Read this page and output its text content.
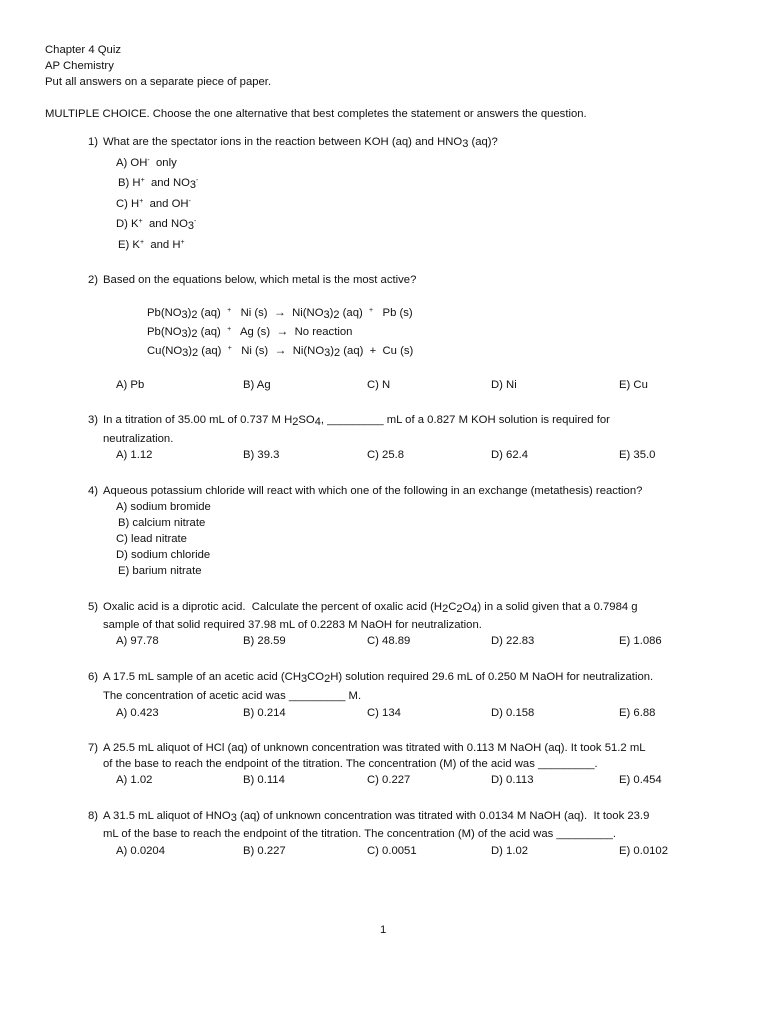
Chapter 4 Quiz
AP Chemistry
Put all answers on a separate piece of paper.
MULTIPLE CHOICE. Choose the one alternative that best completes the statement or answers the question.
1) What are the spectator ions in the reaction between KOH (aq) and $HNO_3$ (aq)?
A) OH-  only
B) H+  and $NO_3^-$
C) H+  and OH-
D) K+  and $NO_3^-$
E) K+  and H+
2) Based on the equations below, which metal is the most active?
$Pb(NO_3)_2$ (aq)  +   Ni $(s) \to Ni(NO_3)_2$ (aq)  +   Pb (s)
$Pb(NO_3)_2$ (aq)  +   Ag (s)  →  No reaction
$Cu(NO_3)_2$ (aq)  +   Ni $(s) \to Ni(NO_3)_2$ (aq)  +  Cu (s)
A) Pb	B) Ag	C) N	D) Ni	E) Cu
3) In a titration of 35.00 mL of 0.737 M $H_2SO_4$, _________ mL of a 0.827 M KOH solution is required for
neutralization.
A) 1.12	B) 39.3	C) 25.8	D) 62.4	E) 35.0
4) Aqueous potassium chloride will react with which one of the following in an exchange (metathesis) reaction?
A) sodium bromide
B) calcium nitrate
C) lead nitrate
D) sodium chloride
E) barium nitrate
5) Oxalic acid is a diprotic acid.  Calculate the percent of oxalic acid $(H_2C_2O_4)$ in a solid given that a 0.7984 g
sample of that solid required 37.98 mL of 0.2283 M NaOH for neutralization.
A) 97.78	B) 28.59	C) 48.89	D) 22.83	E) 1.086
6) A 17.5 mL sample of an acetic acid $(CH_3CO_2H)$ solution required 29.6 mL of 0.250 M NaOH for neutralization.
The concentration of acetic acid was _________ M.
A) 0.423	B) 0.214	C) 134	D) 0.158	E) 6.88
7) A 25.5 mL aliquot of HCl (aq) of unknown concentration was titrated with 0.113 M NaOH (aq). It took 51.2 mL
of the base to reach the endpoint of the titration. The concentration (M) of the acid was _________.
A) 1.02	B) 0.114	C) 0.227	D) 0.113	E) 0.454
8) A 31.5 mL aliquot of $HNO_3$ (aq) of unknown concentration was titrated with 0.0134 M NaOH (aq).  It took 23.9
mL of the base to reach the endpoint of the titration. The concentration (M) of the acid was _________.
A) 0.0204	B) 0.227	C) 0.0051	D) 1.02	E) 0.0102
1
